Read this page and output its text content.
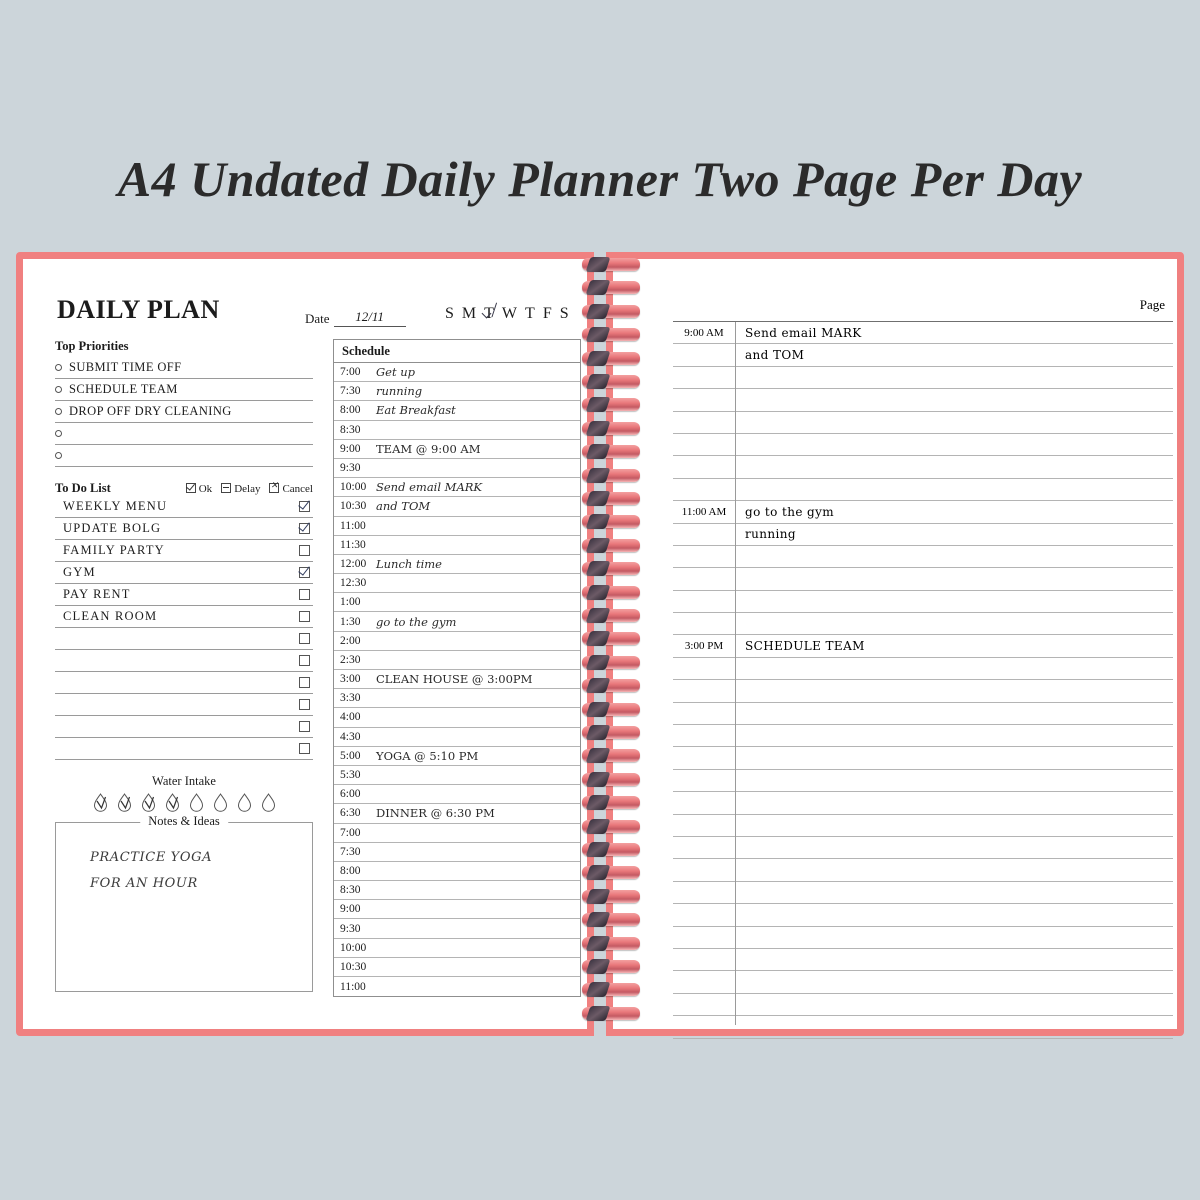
A4 Undated Daily Planner Two Page Per Day
DAILY PLAN	Date 12/11	SMTWTFS
Top Priorities
SUBMIT TIME OFF
SCHEDULE TEAM
DROP OFF DRY CLEANING
To Do List	Ok	Delay ✕	Cancel
WEEKLY MENU
UPDATE BOLG
FAMILY PARTY
GYM
PAY RENT
CLEAN ROOM
Water Intake
Notes & Ideas
PRACTICE YOGA
FOR AN HOUR
Schedule
7:00	Get up
7:30	running
8:00	Eat Breakfast
8:30
9:00	TEAM @ 9:00 AM
9:30
10:00 Send email MARK
10:30 and TOM
11:00
11:30
12:00 Lunch time
12:30
1:00
1:30	go to the gym
2:00
2:30
3:00	CLEAN HOUSE @ 3:00PM
3:30
4:00
4:30
5:00	YOGA @ 5:10 PM
5:30
6:00
6:30	DINNER @ 6:30 PM
7:00
7:30
8:00
8:30
9:00
9:30
10:00
10:30
11:00
Page
9:00 AM	Send email MARK
and TOM
11:00 AM	go to the gym
running
3:00 PM	SCHEDULE TEAM
